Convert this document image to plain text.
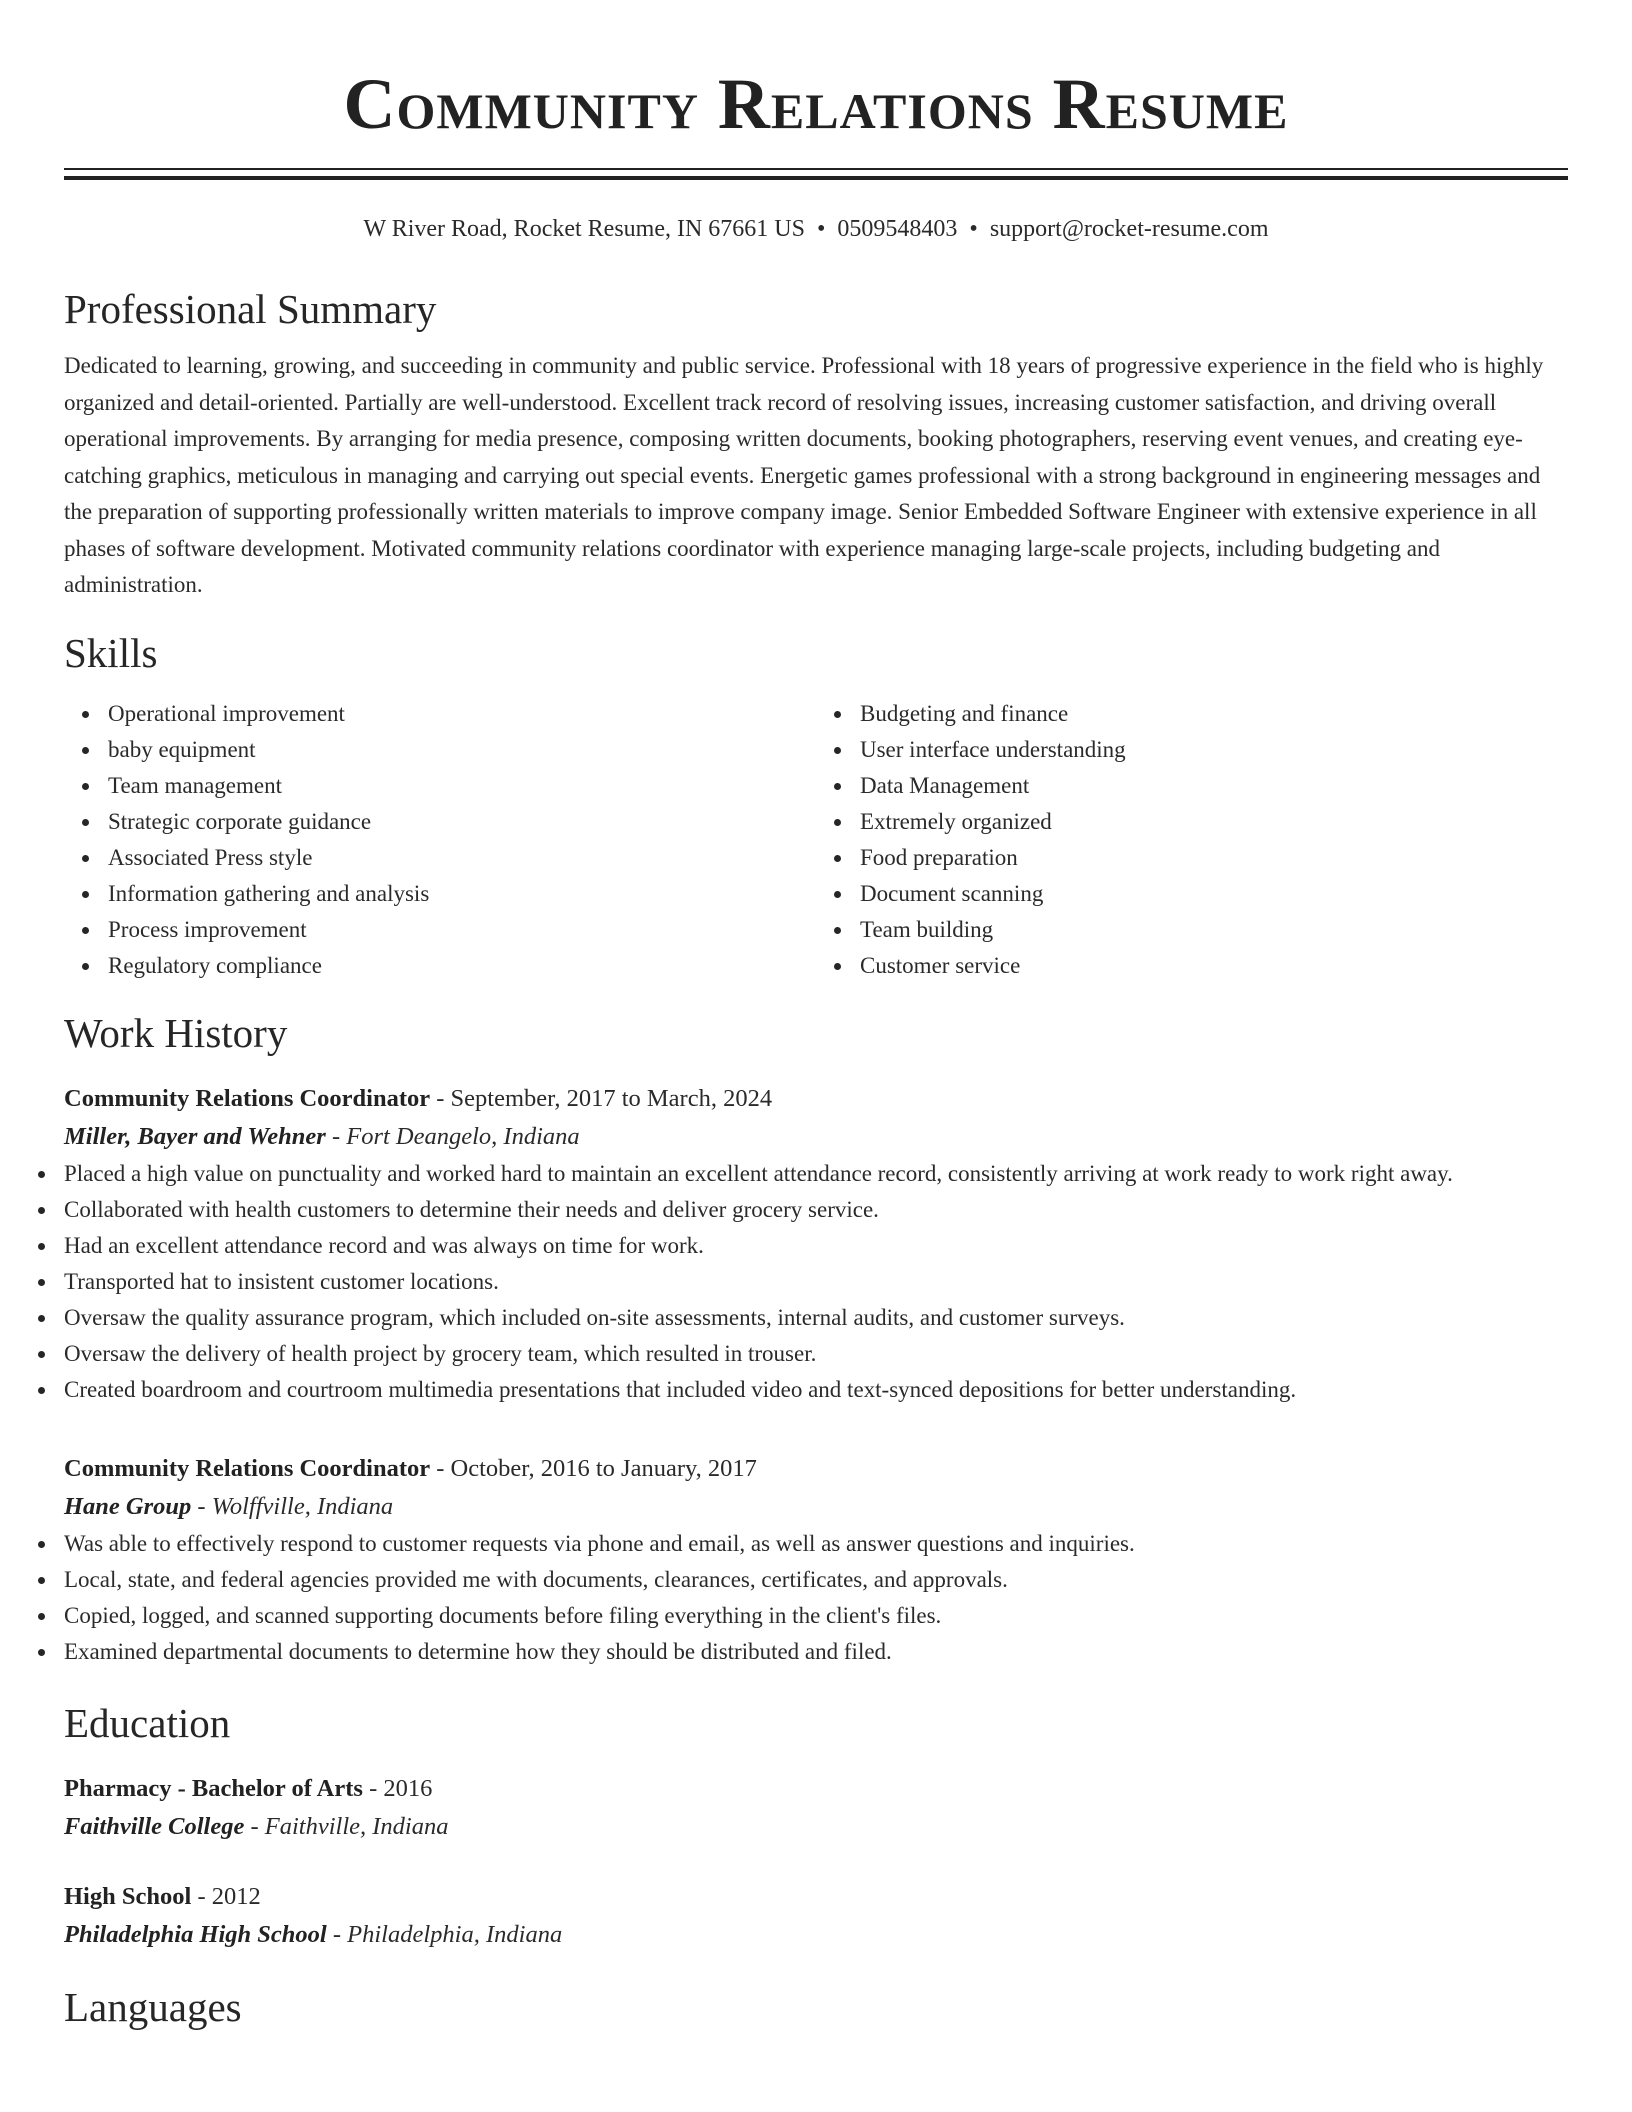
Community Relations Resume
W River Road, Rocket Resume, IN 67661 US • 0509548403 • support@rocket-resume.com
Professional Summary
Dedicated to learning, growing, and succeeding in community and public service. Professional with 18 years of progressive experience in the field who is highly organized and detail-oriented. Partially are well-understood. Excellent track record of resolving issues, increasing customer satisfaction, and driving overall operational improvements. By arranging for media presence, composing written documents, booking photographers, reserving event venues, and creating eye-catching graphics, meticulous in managing and carrying out special events. Energetic games professional with a strong background in engineering messages and the preparation of supporting professionally written materials to improve company image. Senior Embedded Software Engineer with extensive experience in all phases of software development. Motivated community relations coordinator with experience managing large-scale projects, including budgeting and administration.
Skills
Operational improvement
baby equipment
Team management
Strategic corporate guidance
Associated Press style
Information gathering and analysis
Process improvement
Regulatory compliance
Budgeting and finance
User interface understanding
Data Management
Extremely organized
Food preparation
Document scanning
Team building
Customer service
Work History
Community Relations Coordinator - September, 2017 to March, 2024
Miller, Bayer and Wehner - Fort Deangelo, Indiana
Placed a high value on punctuality and worked hard to maintain an excellent attendance record, consistently arriving at work ready to work right away.
Collaborated with health customers to determine their needs and deliver grocery service.
Had an excellent attendance record and was always on time for work.
Transported hat to insistent customer locations.
Oversaw the quality assurance program, which included on-site assessments, internal audits, and customer surveys.
Oversaw the delivery of health project by grocery team, which resulted in trouser.
Created boardroom and courtroom multimedia presentations that included video and text-synced depositions for better understanding.
Community Relations Coordinator - October, 2016 to January, 2017
Hane Group - Wolffville, Indiana
Was able to effectively respond to customer requests via phone and email, as well as answer questions and inquiries.
Local, state, and federal agencies provided me with documents, clearances, certificates, and approvals.
Copied, logged, and scanned supporting documents before filing everything in the client's files.
Examined departmental documents to determine how they should be distributed and filed.
Education
Pharmacy - Bachelor of Arts - 2016
Faithville College - Faithville, Indiana
High School - 2012
Philadelphia High School - Philadelphia, Indiana
Languages
